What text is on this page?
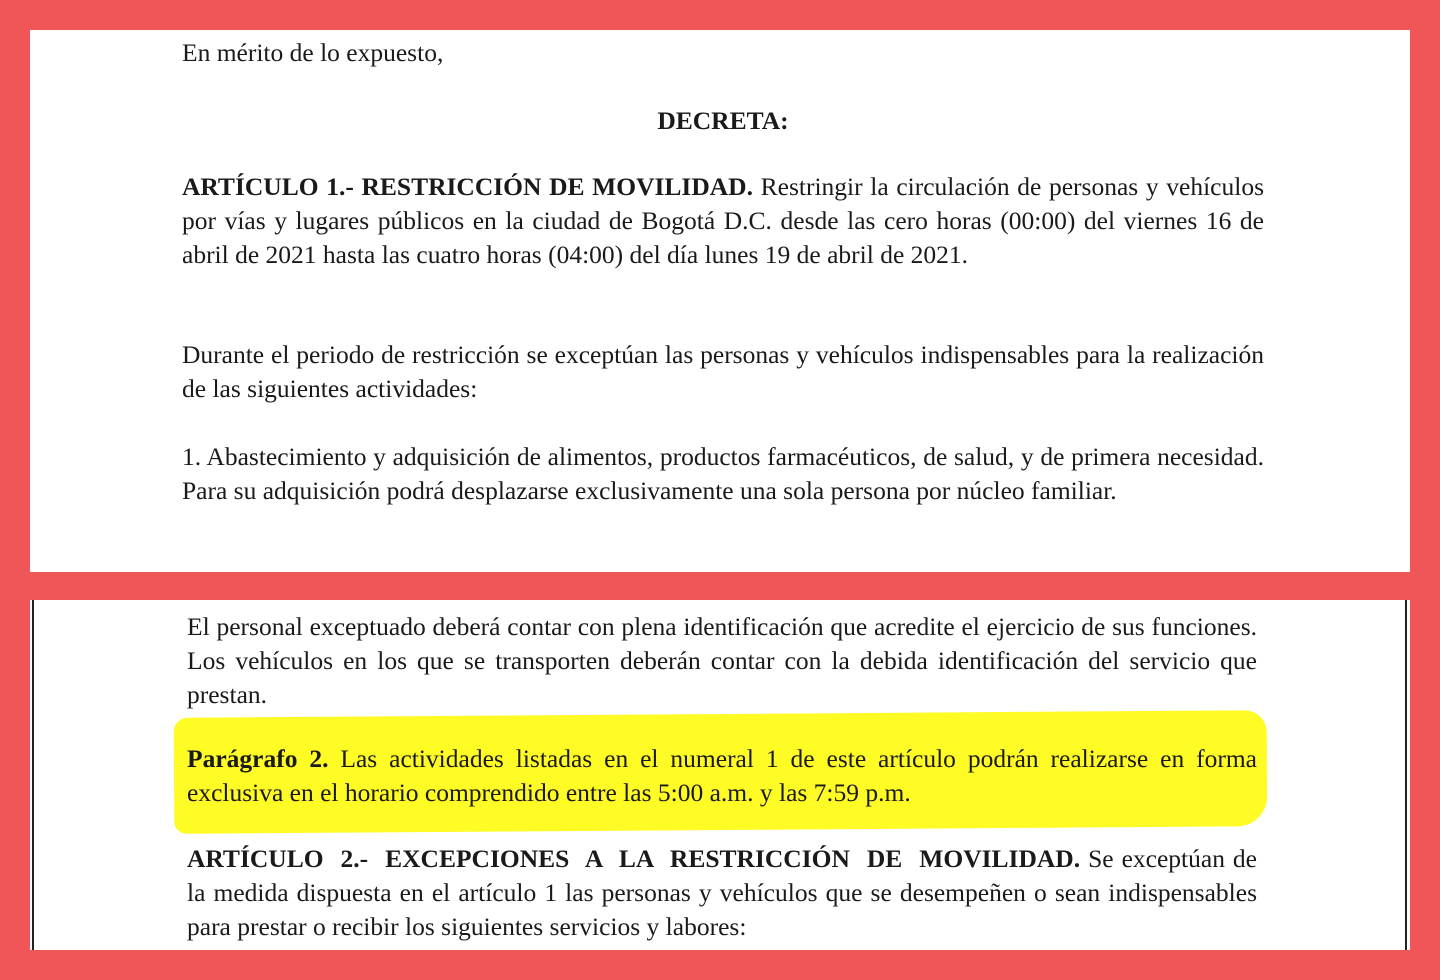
En mérito de lo expuesto,

DECRETA:

ARTÍCULO 1.- RESTRICCIÓN DE MOVILIDAD. Restringir la circulación de personas y vehículos por vías y lugares públicos en la ciudad de Bogotá D.C. desde las cero horas (00:00) del viernes 16 de abril de 2021 hasta las cuatro horas (04:00) del día lunes 19 de abril de 2021.

Durante el periodo de restricción se exceptúan las personas y vehículos indispensables para la realización de las siguientes actividades:

1. Abastecimiento y adquisición de alimentos, productos farmacéuticos, de salud, y de primera necesidad. Para su adquisición podrá desplazarse exclusivamente una sola persona por núcleo familiar.

El personal exceptuado deberá contar con plena identificación que acredite el ejercicio de sus funciones. Los vehículos en los que se transporten deberán contar con la debida identificación del servicio que prestan.

Parágrafo 2. Las actividades listadas en el numeral 1 de este artículo podrán realizarse en forma exclusiva en el horario comprendido entre las 5:00 a.m. y las 7:59 p.m.

ARTÍCULO 2.- EXCEPCIONES A LA RESTRICCIÓN DE MOVILIDAD. Se exceptúan de la medida dispuesta en el artículo 1 las personas y vehículos que se desempeñen o sean indispensables para prestar o recibir los siguientes servicios y labores:
